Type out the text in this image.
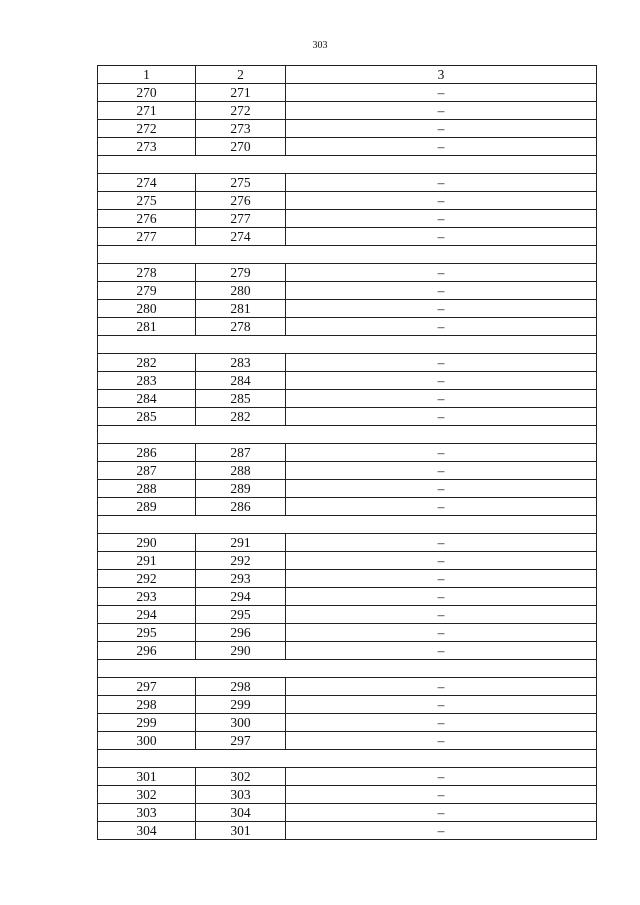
303
1	2	3
270	271	–
271	272	–
272	273	–
273	270	–

274	275	–
275	276	–
276	277	–
277	274	–

278	279	–
279	280	–
280	281	–
281	278	–

282	283	–
283	284	–
284	285	–
285	282	–

286	287	–
287	288	–
288	289	–
289	286	–

290	291	–
291	292	–
292	293	–
293	294	–
294	295	–
295	296	–
296	290	–

297	298	–
298	299	–
299	300	–
300	297	–

301	302	–
302	303	–
303	304	–
304	301	–
